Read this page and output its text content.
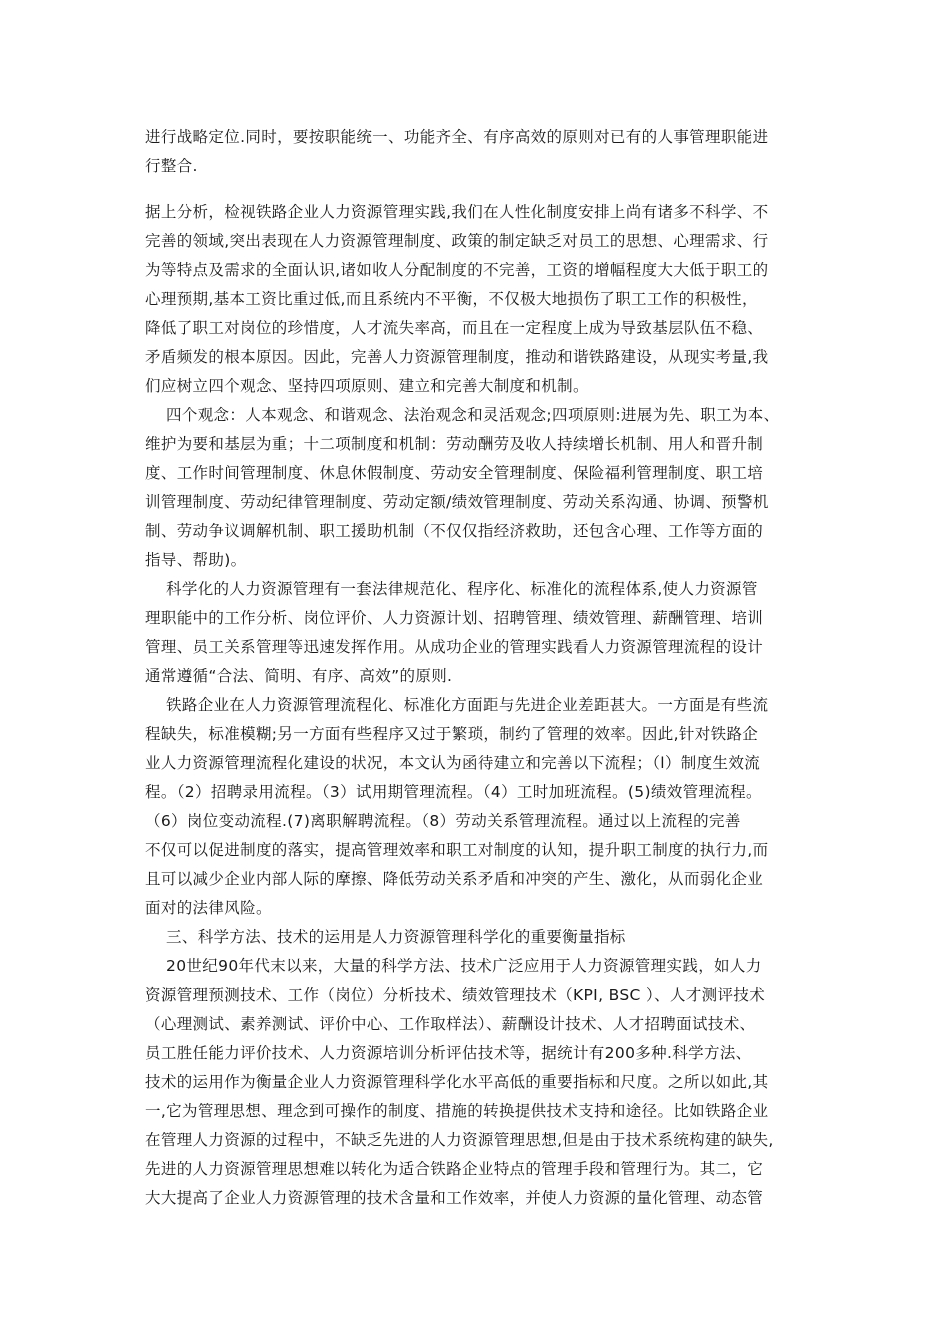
进行战略定位.同时，要按职能统一、功能齐全、有序高效的原则对已有的人事管理职能进
行整合.
据上分析，检视铁路企业人力资源管理实践,我们在人性化制度安排上尚有诸多不科学、不
完善的领域,突出表现在人力资源管理制度、政策的制定缺乏对员工的思想、心理需求、行
为等特点及需求的全面认识,诸如收人分配制度的不完善，工资的增幅程度大大低于职工的
心理预期,基本工资比重过低,而且系统内不平衡，不仅极大地损伤了职工工作的积极性，
降低了职工对岗位的珍惜度，人才流失率高，而且在一定程度上成为导致基层队伍不稳、
矛盾频发的根本原因。因此，完善人力资源管理制度，推动和谐铁路建设，从现实考量,我
们应树立四个观念、坚持四项原则、建立和完善大制度和机制。
四个观念：人本观念、和谐观念、法治观念和灵活观念;四项原则:进展为先、职工为本、
维护为要和基层为重；十二项制度和机制：劳动酬劳及收人持续增长机制、用人和晋升制
度、工作时间管理制度、休息休假制度、劳动安全管理制度、保险福利管理制度、职工培
训管理制度、劳动纪律管理制度、劳动定额/绩效管理制度、劳动关系沟通、协调、预警机
制、劳动争议调解机制、职工援助机制（不仅仅指经济救助，还包含心理、工作等方面的
指导、帮助)。
科学化的人力资源管理有一套法律规范化、程序化、标准化的流程体系,使人力资源管
理职能中的工作分析、岗位评价、人力资源计划、招聘管理、绩效管理、薪酬管理、培训
管理、员工关系管理等迅速发挥作用。从成功企业的管理实践看人力资源管理流程的设计
通常遵循“合法、简明、有序、高效”的原则.
铁路企业在人力资源管理流程化、标准化方面距与先进企业差距甚大。一方面是有些流
程缺失，标准模糊;另一方面有些程序又过于繁琐，制约了管理的效率。因此,针对铁路企
业人力资源管理流程化建设的状况，本文认为函待建立和完善以下流程；（l）制度生效流
程。（2）招聘录用流程。（3）试用期管理流程。（4）工时加班流程。(5)绩效管理流程。
（6）岗位变动流程.(7)离职解聘流程。（8）劳动关系管理流程。通过以上流程的完善
不仅可以促进制度的落实，提高管理效率和职工对制度的认知，提升职工制度的执行力,而
且可以减少企业内部人际的摩擦、降低劳动关系矛盾和冲突的产生、激化，从而弱化企业
面对的法律风险。
三、科学方法、技术的运用是人力资源管理科学化的重要衡量指标
20世纪90年代末以来，大量的科学方法、技术广泛应用于人力资源管理实践，如人力
资源管理预测技术、工作（岗位）分析技术、绩效管理技术（KPI, BSC ）、人才测评技术
（心理测试、素养测试、评价中心、工作取样法）、薪酬设计技术、人才招聘面试技术、
员工胜任能力评价技术、人力资源培训分析评估技术等，据统计有200多种.科学方法、
技术的运用作为衡量企业人力资源管理科学化水平高低的重要指标和尺度。之所以如此,其
一,它为管理思想、理念到可操作的制度、措施的转换提供技术支持和途径。比如铁路企业
在管理人力资源的过程中，不缺乏先进的人力资源管理思想,但是由于技术系统构建的缺失,
先进的人力资源管理思想难以转化为适合铁路企业特点的管理手段和管理行为。其二，它
大大提高了企业人力资源管理的技术含量和工作效率，并使人力资源的量化管理、动态管
